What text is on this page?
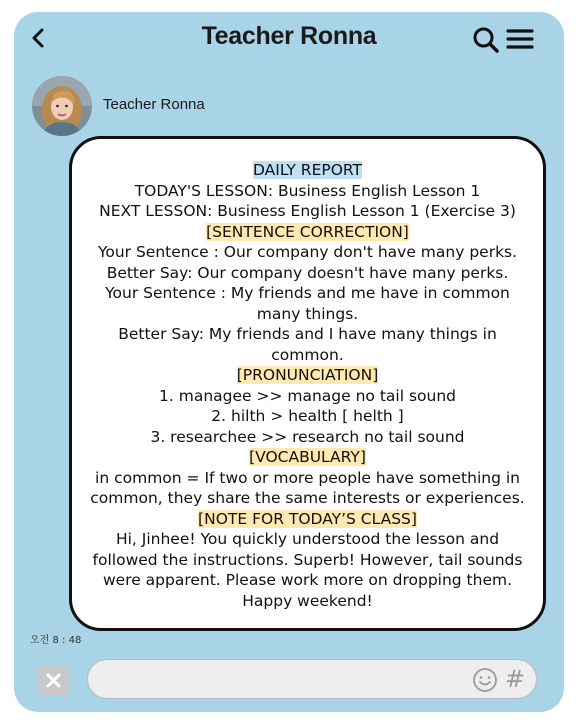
Teacher Ronna
Teacher Ronna
DAILY REPORT
TODAY'S LESSON: Business English Lesson 1
NEXT LESSON: Business English Lesson 1 (Exercise 3)
[SENTENCE CORRECTION]
Your Sentence : Our company don't have many perks.
Better Say: Our company doesn't have many perks.
Your Sentence : My friends and me have in common many things.
Better Say: My friends and I have many things in common.
[PRONUNCIATION]
1. managee >> manage no tail sound
2. hilth > health [ helth ]
3. researchee >> research no tail sound
[VOCABULARY]
in common = If two or more people have something in common, they share the same interests or experiences.
[NOTE FOR TODAY’S CLASS]
Hi, Jinhee! You quickly understood the lesson and followed the instructions. Superb! However, tail sounds were apparent. Please work more on dropping them. Happy weekend!
오전 8 : 48
#
